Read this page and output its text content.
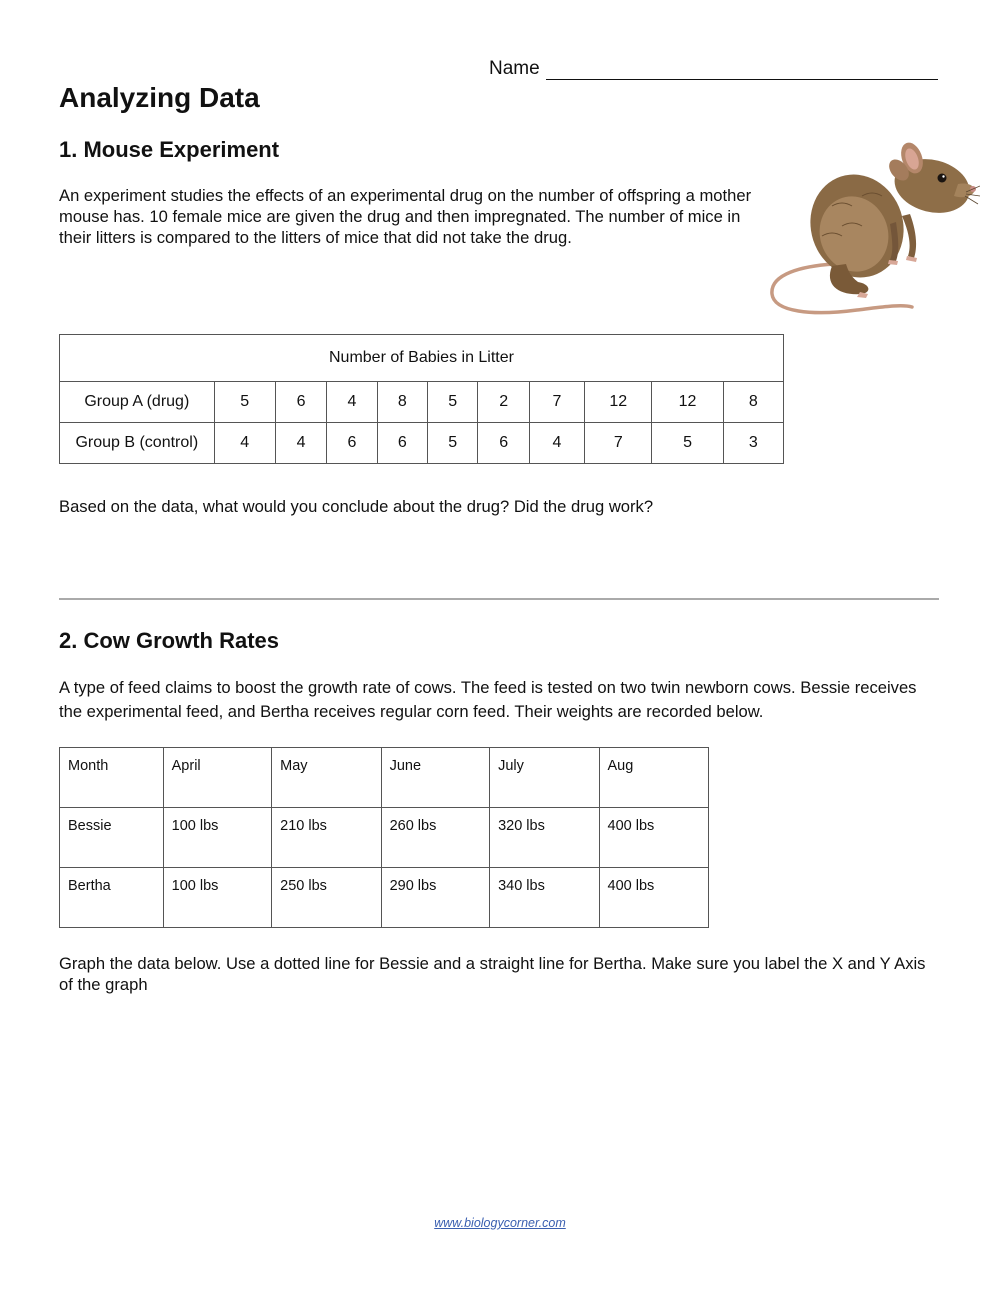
Name
Analyzing Data
1. Mouse Experiment

An experiment studies the effects of an experimental drug on the number of offspring a mother mouse has. 10 female mice are given the drug and then impregnated. The number of mice in their litters is compared to the litters of mice that did not take the drug.

Number of Babies in Litter										
Group A (drug)	5	6	4	8	5	2	7	12	12	8
Group B (control)	4	4	6	6	5	6	4	7	5	3

Based on the data, what would you conclude about the drug? Did the drug work?

2. Cow Growth Rates

A type of feed claims to boost the growth rate of cows. The feed is tested on two twin newborn cows. Bessie receives the experimental feed, and Bertha receives regular corn feed. Their weights are recorded below.

Month	April	May	June	July	Aug
Bessie	100 lbs	210 lbs	260 lbs	320 lbs	400 lbs
Bertha	100 lbs	250 lbs	290 lbs	340 lbs	400 lbs

Graph the data below. Use a dotted line for Bessie and a straight line for Bertha. Make sure you label the X and Y Axis of the graph

www.biologycorner.com
